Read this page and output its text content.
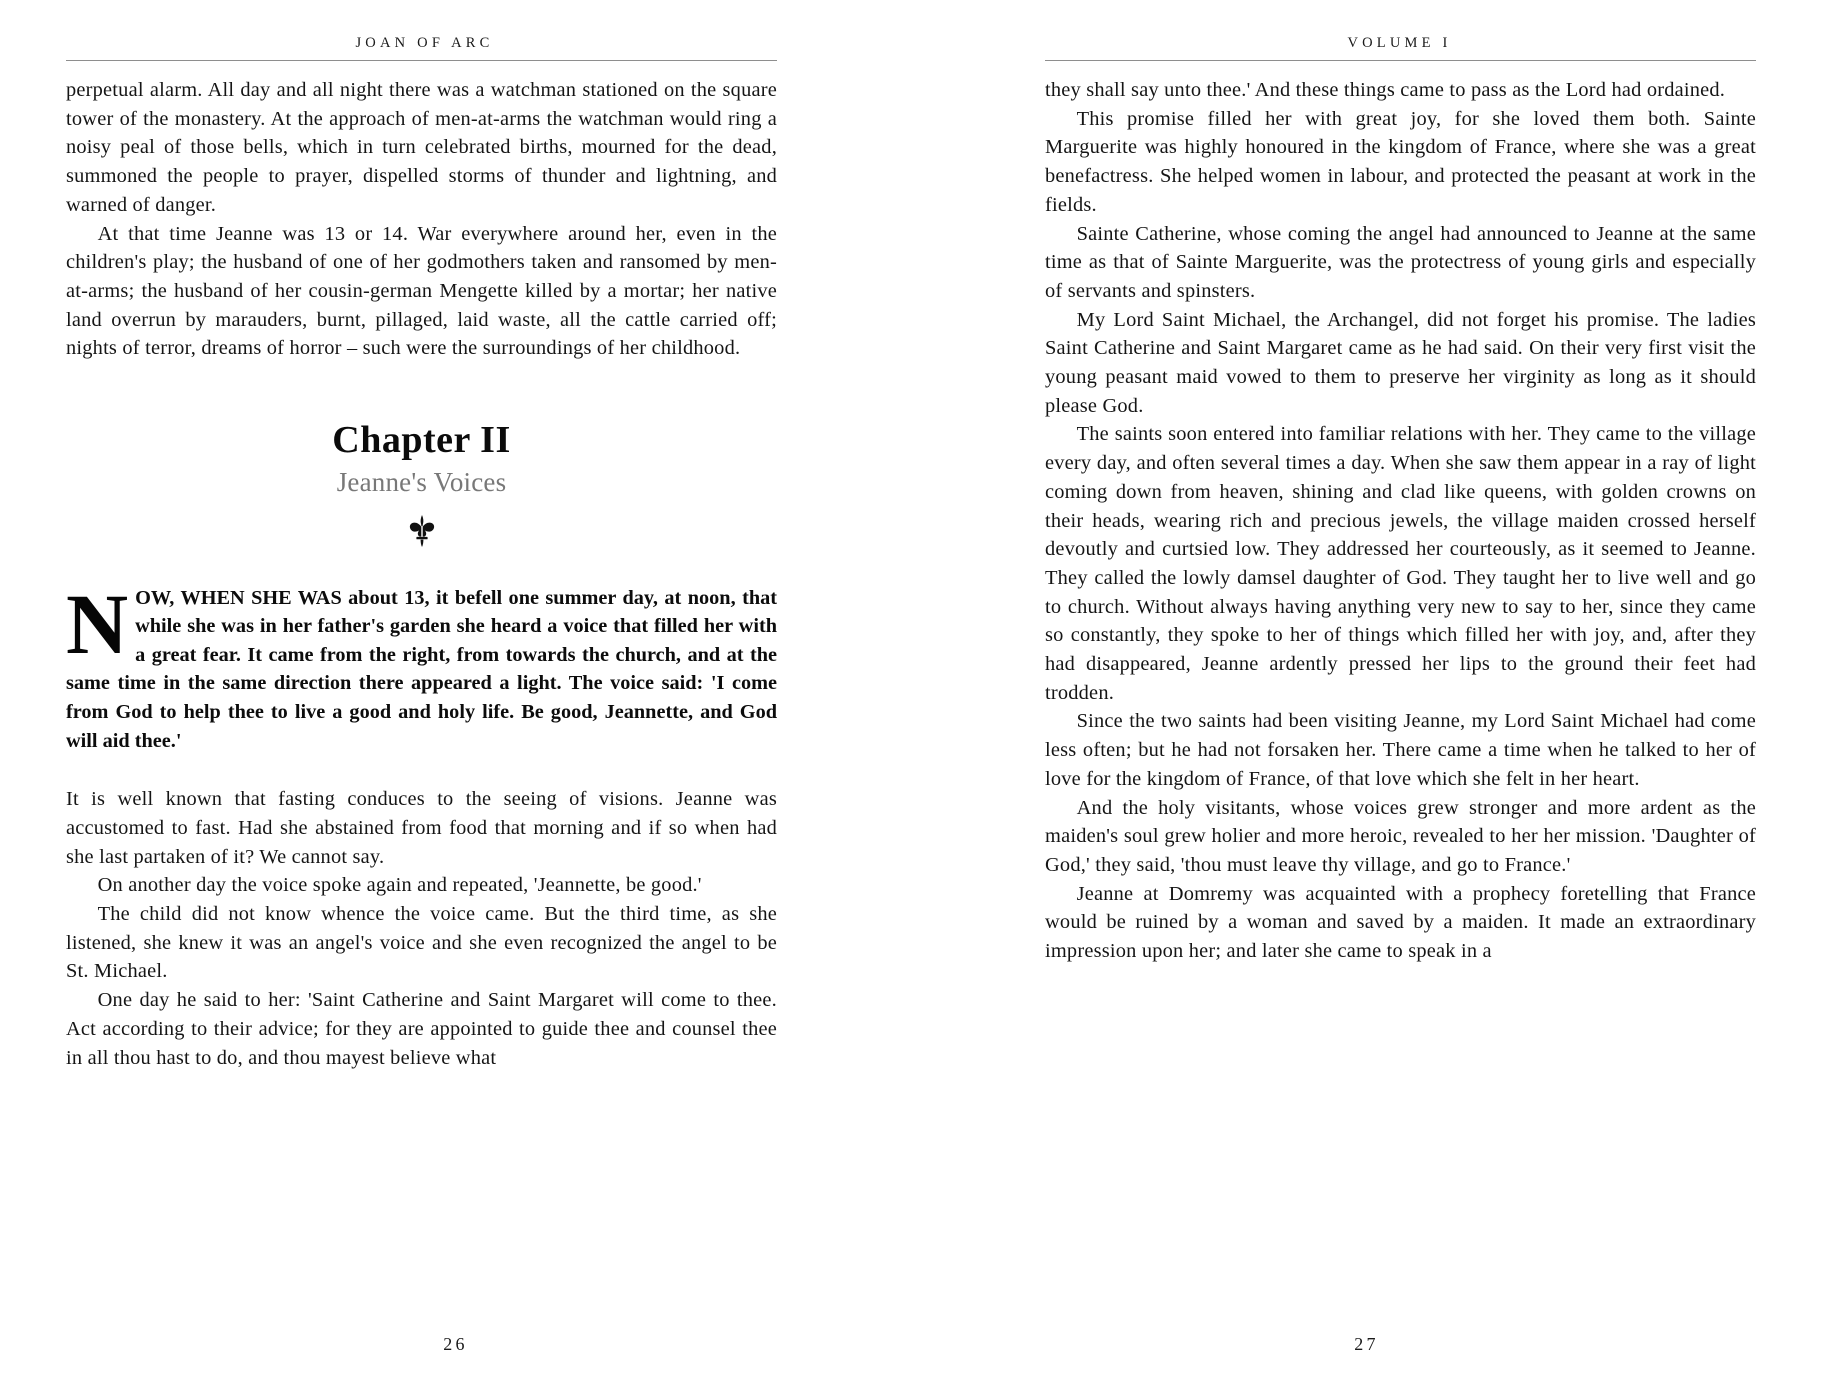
JOAN OF ARC

perpetual alarm. All day and all night there was a watchman stationed on the square tower of the monastery. At the approach of men-at-arms the watchman would ring a noisy peal of those bells, which in turn celebrated births, mourned for the dead, summoned the people to prayer, dispelled storms of thunder and lightning, and warned of danger.

At that time Jeanne was 13 or 14. War everywhere around her, even in the children's play; the husband of one of her godmothers taken and ransomed by men-at-arms; the husband of her cousin-german Mengette killed by a mortar; her native land overrun by marauders, burnt, pillaged, laid waste, all the cattle carried off; nights of terror, dreams of horror – such were the surroundings of her childhood.

Chapter II
Jeanne's Voices

NOW, WHEN SHE WAS about 13, it befell one summer day, at noon, that while she was in her father's garden she heard a voice that filled her with a great fear. It came from the right, from towards the church, and at the same time in the same direction there appeared a light. The voice said: 'I come from God to help thee to live a good and holy life. Be good, Jeannette, and God will aid thee.'

It is well known that fasting conduces to the seeing of visions. Jeanne was accustomed to fast. Had she abstained from food that morning and if so when had she last partaken of it? We cannot say.

On another day the voice spoke again and repeated, 'Jeannette, be good.'

The child did not know whence the voice came. But the third time, as she listened, she knew it was an angel's voice and she even recognized the angel to be St. Michael.

One day he said to her: 'Saint Catherine and Saint Margaret will come to thee. Act according to their advice; for they are appointed to guide thee and counsel thee in all thou hast to do, and thou mayest believe what

26
VOLUME I

they shall say unto thee.' And these things came to pass as the Lord had ordained.

This promise filled her with great joy, for she loved them both. Sainte Marguerite was highly honoured in the kingdom of France, where she was a great benefactress. She helped women in labour, and protected the peasant at work in the fields.

Sainte Catherine, whose coming the angel had announced to Jeanne at the same time as that of Sainte Marguerite, was the protectress of young girls and especially of servants and spinsters.

My Lord Saint Michael, the Archangel, did not forget his promise. The ladies Saint Catherine and Saint Margaret came as he had said. On their very first visit the young peasant maid vowed to them to preserve her virginity as long as it should please God.

The saints soon entered into familiar relations with her. They came to the village every day, and often several times a day. When she saw them appear in a ray of light coming down from heaven, shining and clad like queens, with golden crowns on their heads, wearing rich and precious jewels, the village maiden crossed herself devoutly and curtsied low. They addressed her courteously, as it seemed to Jeanne. They called the lowly damsel daughter of God. They taught her to live well and go to church. Without always having anything very new to say to her, since they came so constantly, they spoke to her of things which filled her with joy, and, after they had disappeared, Jeanne ardently pressed her lips to the ground their feet had trodden.

Since the two saints had been visiting Jeanne, my Lord Saint Michael had come less often; but he had not forsaken her. There came a time when he talked to her of love for the kingdom of France, of that love which she felt in her heart.

And the holy visitants, whose voices grew stronger and more ardent as the maiden's soul grew holier and more heroic, revealed to her her mission. 'Daughter of God,' they said, 'thou must leave thy village, and go to France.'

Jeanne at Domremy was acquainted with a prophecy foretelling that France would be ruined by a woman and saved by a maiden. It made an extraordinary impression upon her; and later she came to speak in a

27
